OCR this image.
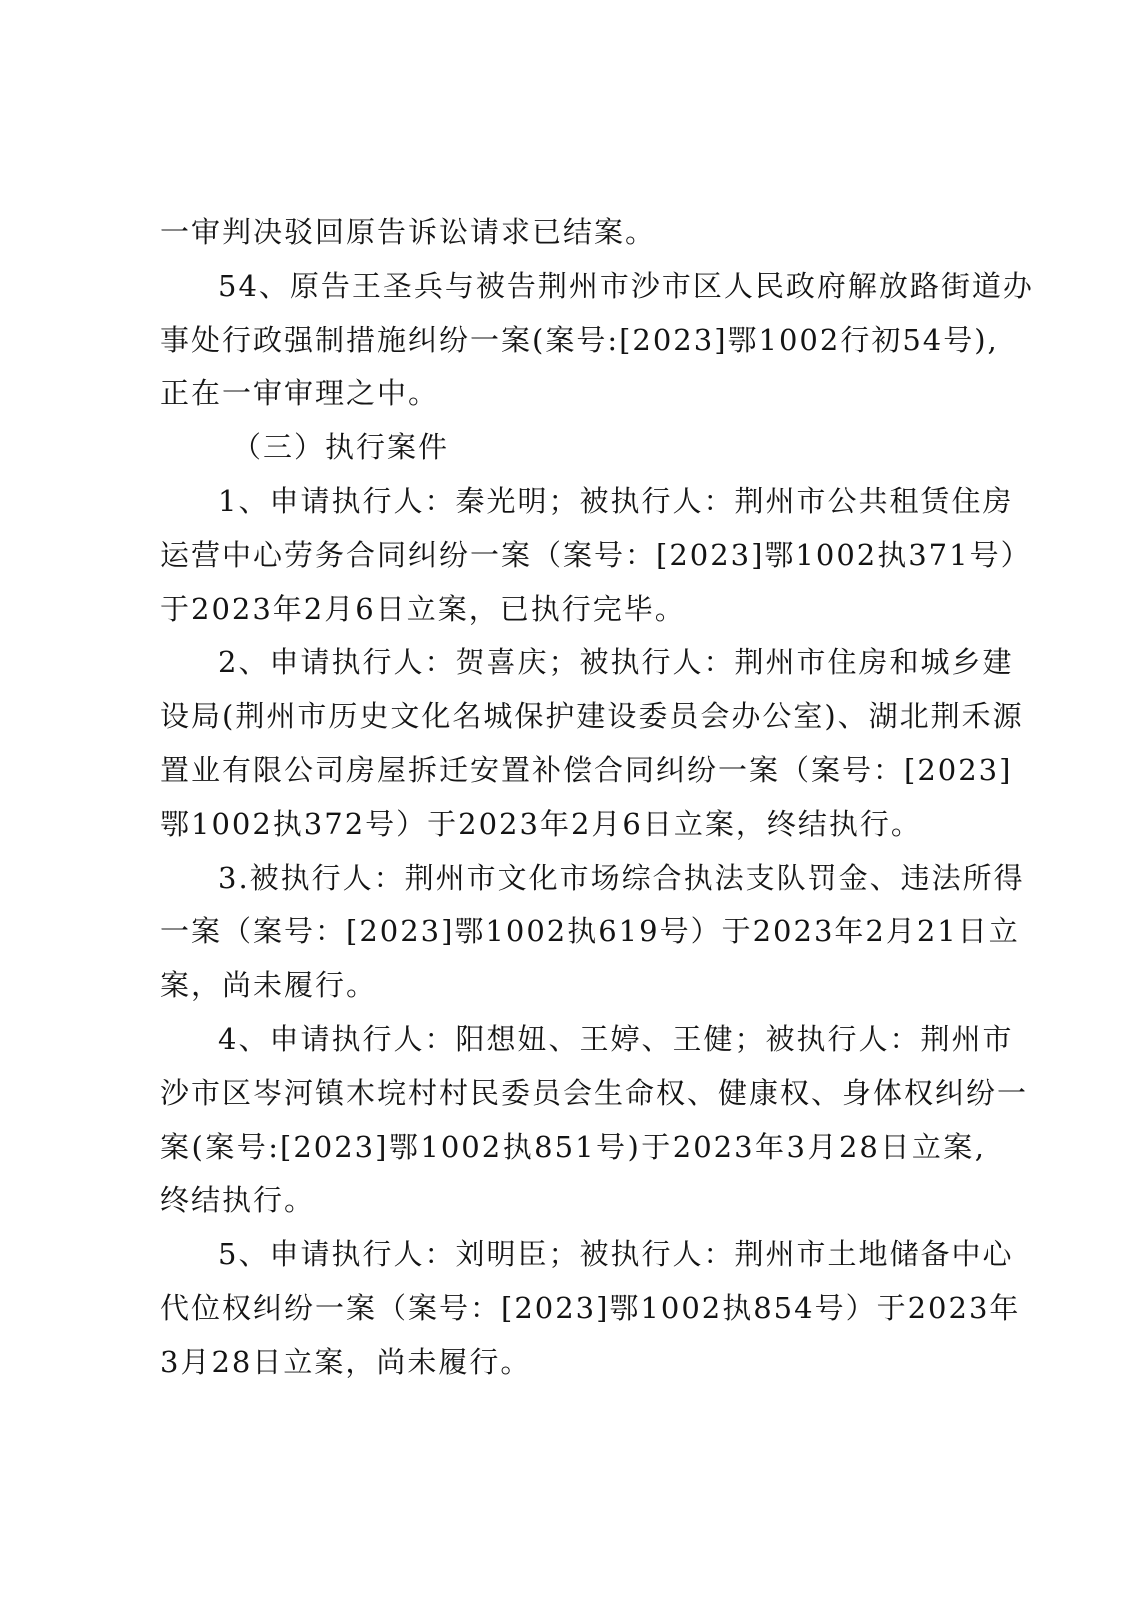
一审判决驳回原告诉讼请求已结案。
54、原告王圣兵与被告荆州市沙市区人民政府解放路街道办
事处行政强制措施纠纷一案(案号:[2023]鄂1002行初54号),
正在一审审理之中。
（三）执行案件
1、申请执行人：秦光明；被执行人：荆州市公共租赁住房
运营中心劳务合同纠纷一案（案号：[2023]鄂1002执371号）
于2023年2月6日立案，已执行完毕。
2、申请执行人：贺喜庆；被执行人：荆州市住房和城乡建
设局(荆州市历史文化名城保护建设委员会办公室)、湖北荆禾源
置业有限公司房屋拆迁安置补偿合同纠纷一案（案号：[2023]
鄂1002执372号）于2023年2月6日立案，终结执行。
3.被执行人：荆州市文化市场综合执法支队罚金、违法所得
一案（案号：[2023]鄂1002执619号）于2023年2月21日立
案，尚未履行。
4、申请执行人：阳想妞、王婷、王健；被执行人：荆州市
沙市区岑河镇木垸村村民委员会生命权、健康权、身体权纠纷一
案(案号:[2023]鄂1002执851号)于2023年3月28日立案,
终结执行。
5、申请执行人：刘明臣；被执行人：荆州市土地储备中心
代位权纠纷一案（案号：[2023]鄂1002执854号）于2023年
3月28日立案，尚未履行。
